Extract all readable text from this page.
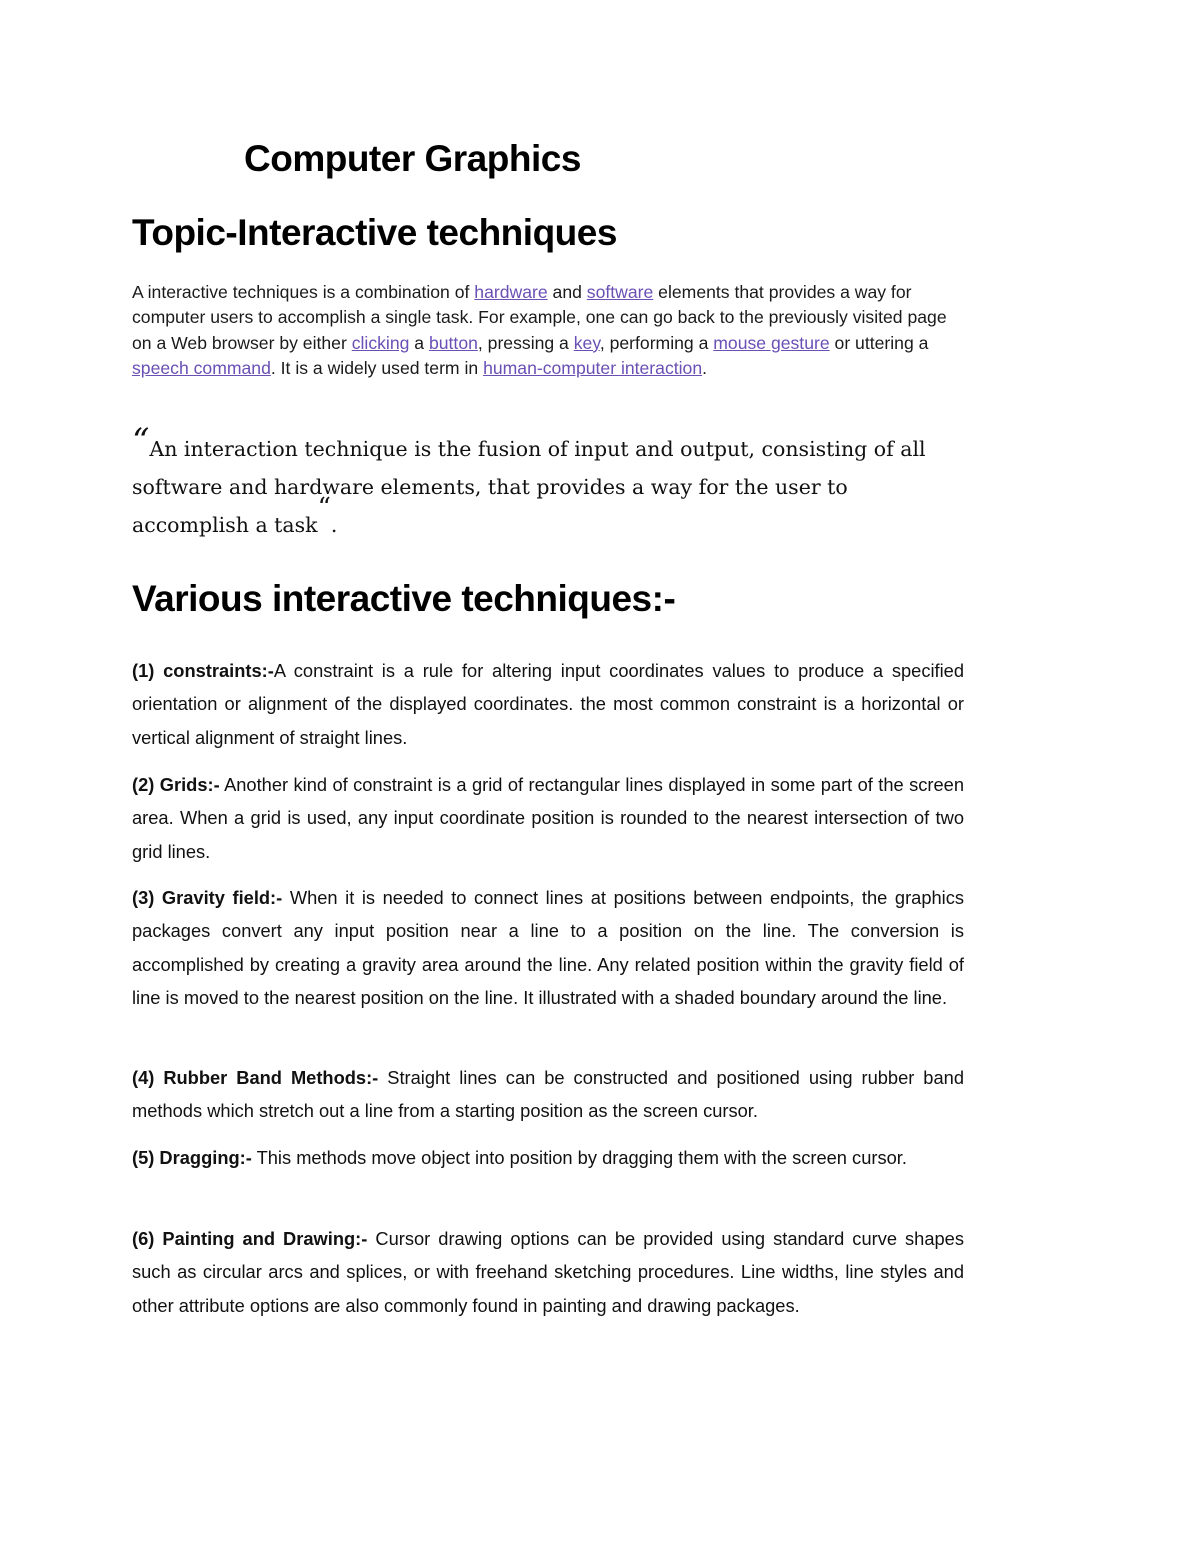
Computer Graphics
Topic-Interactive techniques

A interactive techniques is a combination of hardware and software elements that provides a way for computer users to accomplish a single task. For example, one can go back to the previously visited page on a Web browser by either clicking a button, pressing a key, performing a mouse gesture or uttering a speech command. It is a widely used term in human-computer interaction.

“An interaction technique is the fusion of input and output, consisting of all software and hardware elements, that provides a way for the user to accomplish a task“.

Various interactive techniques:-

(1) constraints:-A constraint is a rule for altering input coordinates values to produce a specified orientation or alignment of the displayed coordinates. the most common constraint is a horizontal or vertical alignment of straight lines.

(2) Grids:- Another kind of constraint is a grid of rectangular lines displayed in some part of the screen area. When a grid is used, any input coordinate position is rounded to the nearest intersection of two grid lines.

(3) Gravity field:- When it is needed to connect lines at positions between endpoints, the graphics packages convert any input position near a line to a position on the line. The conversion is accomplished by creating a gravity area around the line. Any related position within the gravity field of line is moved to the nearest position on the line. It illustrated with a shaded boundary around the line.

(4) Rubber Band Methods:- Straight lines can be constructed and positioned using rubber band methods which stretch out a line from a starting position as the screen cursor.

(5) Dragging:- This methods move object into position by dragging them with the screen cursor.

(6) Painting and Drawing:- Cursor drawing options can be provided using standard curve shapes such as circular arcs and splices, or with freehand sketching procedures. Line widths, line styles and other attribute options are also commonly found in painting and drawing packages.
